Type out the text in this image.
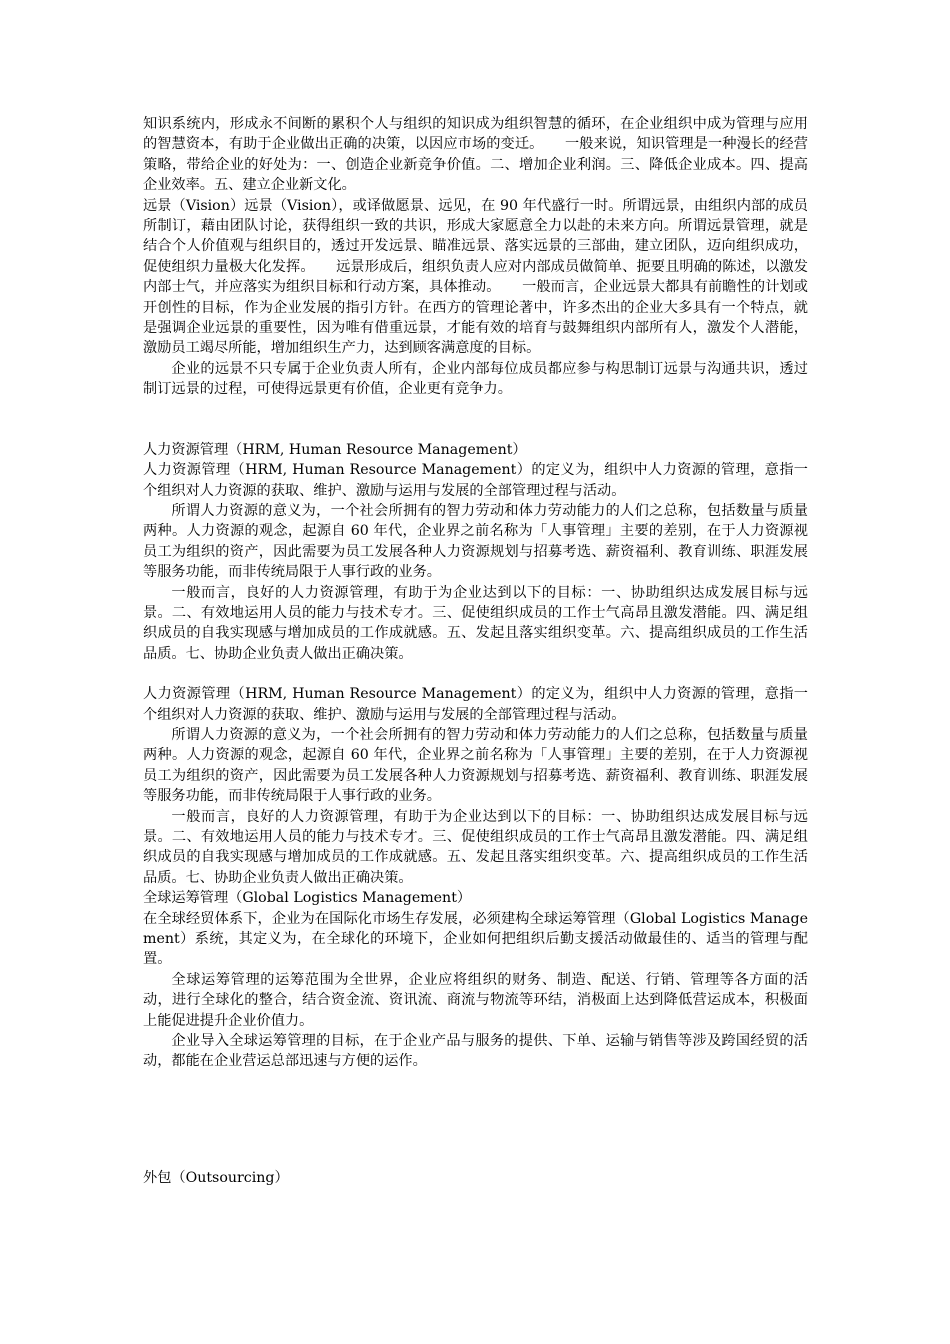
知识系统内，形成永不间断的累积个人与组织的知识成为组织智慧的循环，在企业组织中成为管理与应用的智慧资本，有助于企业做出正确的决策，以因应市场的变迁。　　一般来说，知识管理是一种漫长的经营策略，带给企业的好处为：一、创造企业新竞争价值。二、增加企业利润。三、降低企业成本。四、提高企业效率。五、建立企业新文化。

远景（Vision）远景（Vision），或译做愿景、远见，在 90 年代盛行一时。所谓远景，由组织内部的成员所制订，藉由团队讨论，获得组织一致的共识，形成大家愿意全力以赴的未来方向。所谓远景管理，就是结合个人价值观与组织目的，透过开发远景、瞄准远景、落实远景的三部曲，建立团队，迈向组织成功，促使组织力量极大化发挥。　　远景形成后，组织负责人应对内部成员做简单、扼要且明确的陈述，以激发内部士气，并应落实为组织目标和行动方案，具体推动。　　一般而言，企业远景大都具有前瞻性的计划或开创性的目标，作为企业发展的指引方针。在西方的管理论著中，许多杰出的企业大多具有一个特点，就是强调企业远景的重要性，因为唯有借重远景，才能有效的培育与鼓舞组织内部所有人，激发个人潜能，激励员工竭尽所能，增加组织生产力，达到顾客满意度的目标。

企业的远景不只专属于企业负责人所有，企业内部每位成员都应参与构思制订远景与沟通共识，透过制订远景的过程，可使得远景更有价值，企业更有竞争力。

人力资源管理（HRM, Human Resource Management）

人力资源管理（HRM, Human Resource Management）的定义为，组织中人力资源的管理，意指一个组织对人力资源的获取、维护、激励与运用与发展的全部管理过程与活动。

所谓人力资源的意义为，一个社会所拥有的智力劳动和体力劳动能力的人们之总称，包括数量与质量两种。人力资源的观念，起源自 60 年代，企业界之前名称为「人事管理」主要的差别，在于人力资源视员工为组织的资产，因此需要为员工发展各种人力资源规划与招募考选、薪资福利、教育训练、职涯发展等服务功能，而非传统局限于人事行政的业务。

一般而言，良好的人力资源管理，有助于为企业达到以下的目标：一、协助组织达成发展目标与远景。二、有效地运用人员的能力与技术专才。三、促使组织成员的工作士气高昂且激发潜能。四、满足组织成员的自我实现感与增加成员的工作成就感。五、发起且落实组织变革。六、提高组织成员的工作生活品质。七、协助企业负责人做出正确决策。

人力资源管理（HRM, Human Resource Management）的定义为，组织中人力资源的管理，意指一个组织对人力资源的获取、维护、激励与运用与发展的全部管理过程与活动。

所谓人力资源的意义为，一个社会所拥有的智力劳动和体力劳动能力的人们之总称，包括数量与质量两种。人力资源的观念，起源自 60 年代，企业界之前名称为「人事管理」主要的差别，在于人力资源视员工为组织的资产，因此需要为员工发展各种人力资源规划与招募考选、薪资福利、教育训练、职涯发展等服务功能，而非传统局限于人事行政的业务。

一般而言，良好的人力资源管理，有助于为企业达到以下的目标：一、协助组织达成发展目标与远景。二、有效地运用人员的能力与技术专才。三、促使组织成员的工作士气高昂且激发潜能。四、满足组织成员的自我实现感与增加成员的工作成就感。五、发起且落实组织变革。六、提高组织成员的工作生活品质。七、协助企业负责人做出正确决策。

全球运筹管理（Global Logistics Management）

在全球经贸体系下，企业为在国际化市场生存发展，必须建构全球运筹管理（Global Logistics Management）系统，其定义为，在全球化的环境下，企业如何把组织后勤支援活动做最佳的、适当的管理与配置。

全球运筹管理的运筹范围为全世界，企业应将组织的财务、制造、配送、行销、管理等各方面的活动，进行全球化的整合，结合资金流、资讯流、商流与物流等环结，消极面上达到降低营运成本，积极面上能促进提升企业价值力。

企业导入全球运筹管理的目标，在于企业产品与服务的提供、下单、运输与销售等涉及跨国经贸的活动，都能在企业营运总部迅速与方便的运作。

外包（Outsourcing）
